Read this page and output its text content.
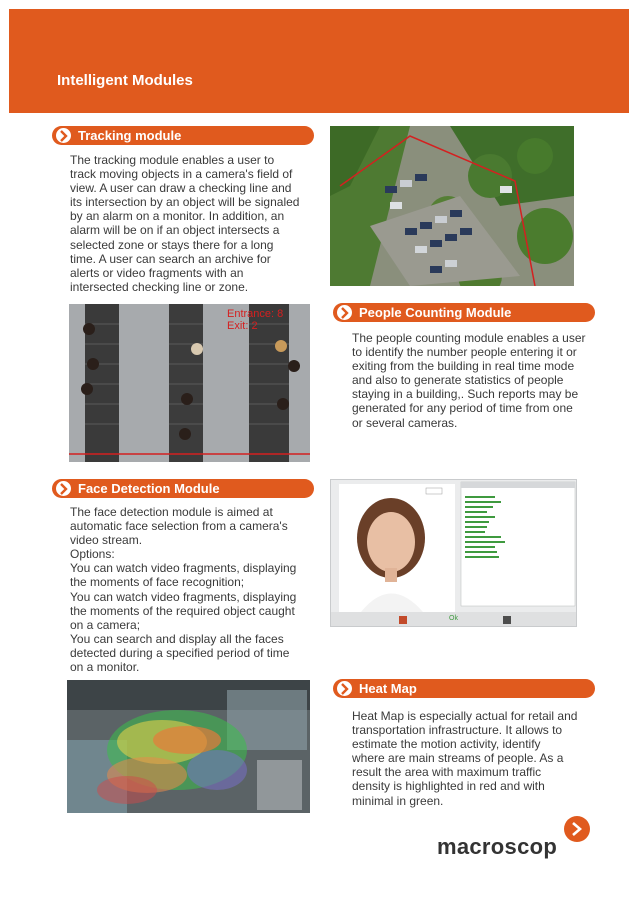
Intelligent Modules
Tracking module

The tracking module enables a user to
track moving objects in a camera's field of
view. A user can draw a checking line and
its intersection by an object will be signaled
by an alarm on a monitor. In addition, an
alarm will be on if an object intersects a
selected zone or stays there for a long
time. A user can search an archive for
alerts or video fragments with an
intersected checking line or zone.

Entrance: 8
Exit: 2
People Counting Module

The people counting module enables a user
to identify the number people entering it or
exiting from the building in real time mode
and also to generate statistics of people
staying in a building,. Such reports may be
generated for any period of time from one
or several cameras.

Face Detection Module

The face detection module is aimed at
automatic face selection from a camera's
video stream.
Options:
You can watch video fragments, displaying
the moments of face recognition;
You can watch video fragments, displaying
the moments of the required object caught
on a camera;
You can search and display all the faces
detected during a specified period of time
on a monitor.

Ok
Heat Map

Heat Map is especially actual for retail and
transportation infrastructure. It allows to
estimate the motion activity, identify
where are main streams of people. As a
result the area with maximum traffic
density is highlighted in red and with
minimal in green.

macroscop
